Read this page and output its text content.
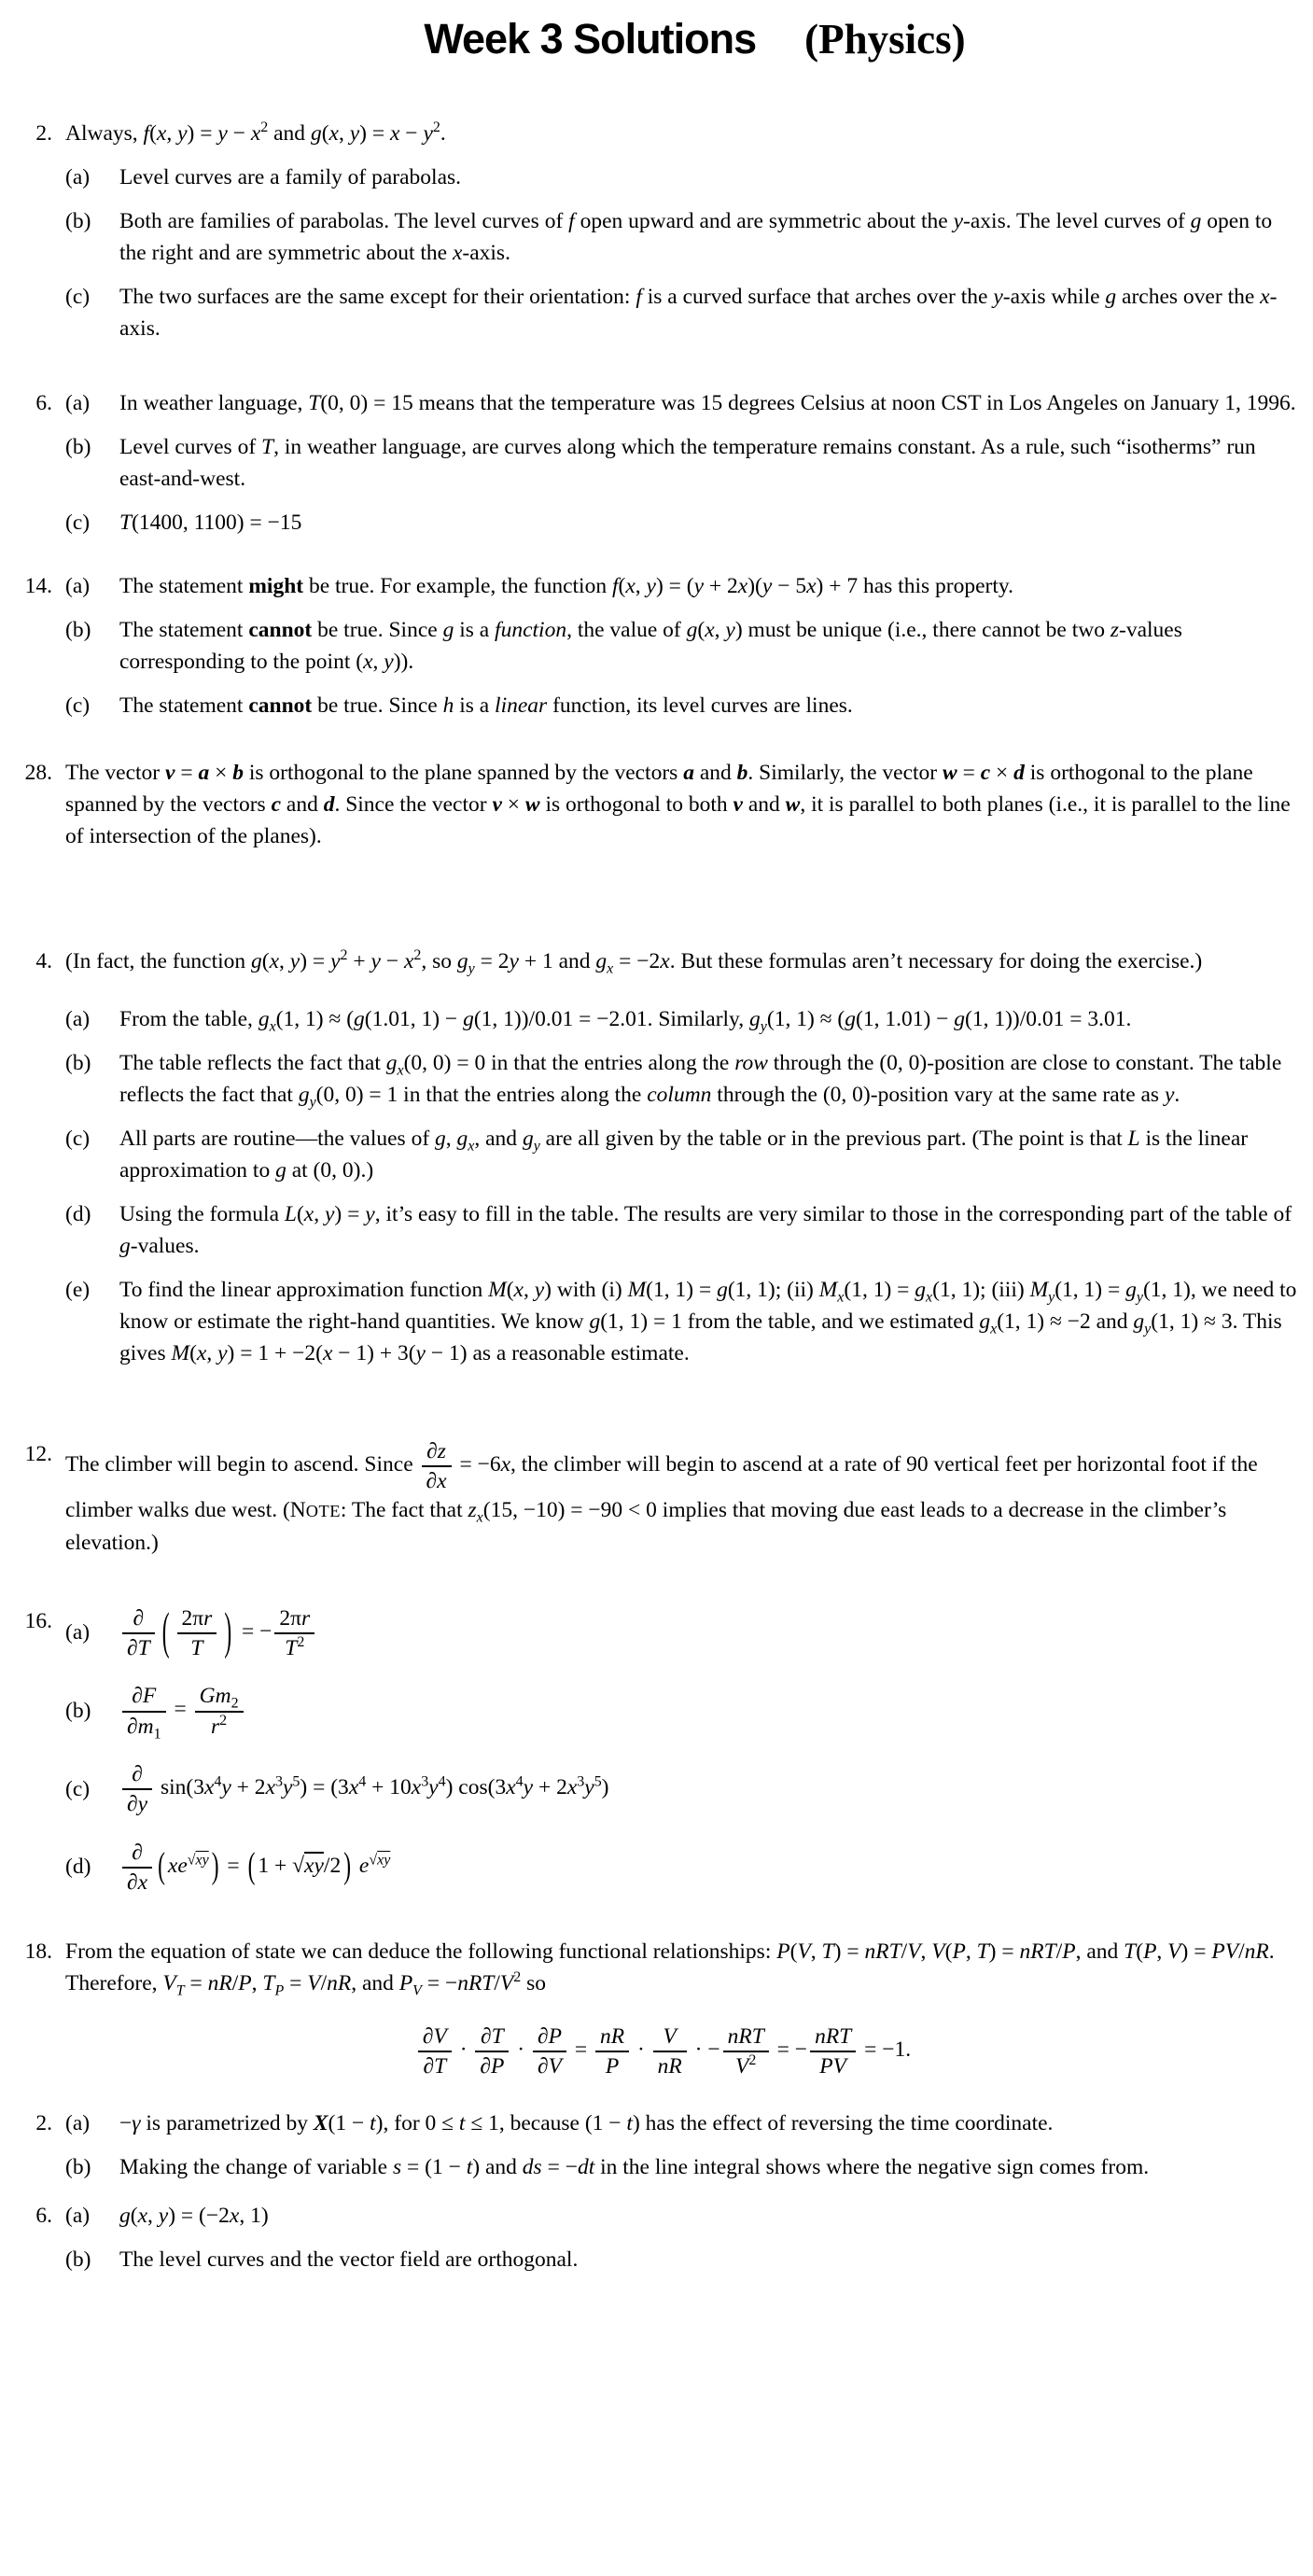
Week 3 Solutions (Physics)
2. Always, f(x, $y) = y - x^2$ and g(x, $y) = x - y^2$.

(a)	Level curves are a family of parabolas.

(b)	Both are families of parabolas. The level curves of f open upward and are symmetric about the y-axis. The level curves of g open to the right and are symmetric about the x-axis.

(c)	The two surfaces are the same except for their orientation: f is a curved surface that arches over the y-axis while g arches over the x-axis.

6. (a)	In weather language, T(0, 0) = 15 means that the temperature was 15 degrees Celsius at noon CST in Los Angeles on January 1, 1996.

(b)	Level curves of T, in weather language, are curves along which the temperature remains constant. As a rule, such “isotherms” run east-and-west.

(c)	T(1400, 1100) = −15

14. (a)	The statement might be true. For example, the function f(x, y) = (y + 2x)(y − 5x) + 7 has this property.

(b)	The statement cannot be true. Since g is a function, the value of g(x, y) must be unique (i.e., there cannot be two z-values corresponding to the point (x, y)).

(c)	The statement cannot be true. Since h is a linear function, its level curves are lines.

28. The vector v = a × b is orthogonal to the plane spanned by the vectors a and b. Similarly, the vector w = c × d is orthogonal to the plane spanned by the vectors c and d. Since the vector v × w is orthogonal to both v and w, it is parallel to both planes (i.e., it is parallel to the line of intersection of the planes).

4. (In fact, the function g(x, $y) = y^2 + y - x^2$, so $g_y = 2y + 1$ and $g_x = -2x$. But these formulas aren’t necessary for doing the exercise.)

(a)	From the table, $g_x(1$, 1) ≈ (g(1.01, 1) − g(1, 1))/0.01 = −2.01. Similarly, $g_y(1$, 1) ≈ (g(1, 1.01) − g(1, 1))/0.01 = 3.01.

(b)	The table reflects the fact that $g_x(0$, 0) = 0 in that the entries along the row through the (0, 0)-position are close to constant. The table reflects the fact that $g_y(0$, 0) = 1 in that the entries along the column through the (0, 0)-position vary at the same rate as y.

(c)	All parts are routine—the values of g, $g_x$, and $g_y$ are all given by the table or in the previous part. (The point is that L is the linear approximation to g at (0, 0).)

(d)	Using the formula L(x, y) = y, it’s easy to fill in the table. The results are very similar to those in the corresponding part of the table of g-values.

(e)	To find the linear approximation function M(x, y) with (i) M(1, 1) = g(1, 1); (ii) $M_x(1$, $1) = g_x(1$, 1); (iii) $M_y(1$, $1) = g_y(1$, 1), we need to know or estimate the right-hand quantities. We know g(1, 1) = 1 from the table, and we estimated $g_x(1$, 1) ≈ −2 and $g_y(1$, 1) ≈ 3. This gives M(x, y) = 1 + −2(x − 1) + 3(y − 1) as a reasonable estimate.

12. The climber will begin to ascend. Since $\frac{\partial z}{\partial x} = -6x$, the climber will begin to ascend at a rate of 90 vertical feet per horizontal foot if the climber walks due west. (NOTE: The fact that $z_x(15$, −10) = −90 < 0 implies that moving due east leads to a decrease in the climber’s elevation.)

16. (a)

∂
∂T ( $\frac{2\pi r}{T}$ ) = − $\frac{2\pi r}{T^2}$

(b)	$\frac{\partial F}{\partial m_1} = \frac{Gm_2}{r^2}$

(c)

∂
∂y
$\sin(3x^4y + 2x^3y^5) = (3x^4 + 10x^3y^4) \cos(3x^4y + 2x^3y^5)$

(d)

∂
∂x ( $xe^{√xy}$ ) = ( 1 + √xy/2 ) $e^{√xy}$

18. From the equation of state we can deduce the following functional relationships: P(V, T) = nRT/V, V(P, T) = nRT/P, and T(P, V) = PV/nR. Therefore, $V_T = nR/P$, $T_P = V/nR$, and $P_V = -nRT/V^2$ so

$\frac{\partial V}{\partial T} \cdot \frac{\partial T}{\partial P} \cdot \frac{\partial P}{\partial V} = \frac{nR}{P} \cdot \frac{V}{nR}$ · −
nRT
$V^2$ = −
nRT
PV
= −1.

2. (a)	−γ is parametrized by X(1 − t), for 0 ≤ t ≤ 1, because (1 − t) has the effect of reversing the time coordinate.

(b)	Making the change of variable s = (1 − t) and ds = −dt in the line integral shows where the negative sign comes from.

6. (a)	g(x, y) = (−2x, 1)

(b)	The level curves and the vector field are orthogonal.
